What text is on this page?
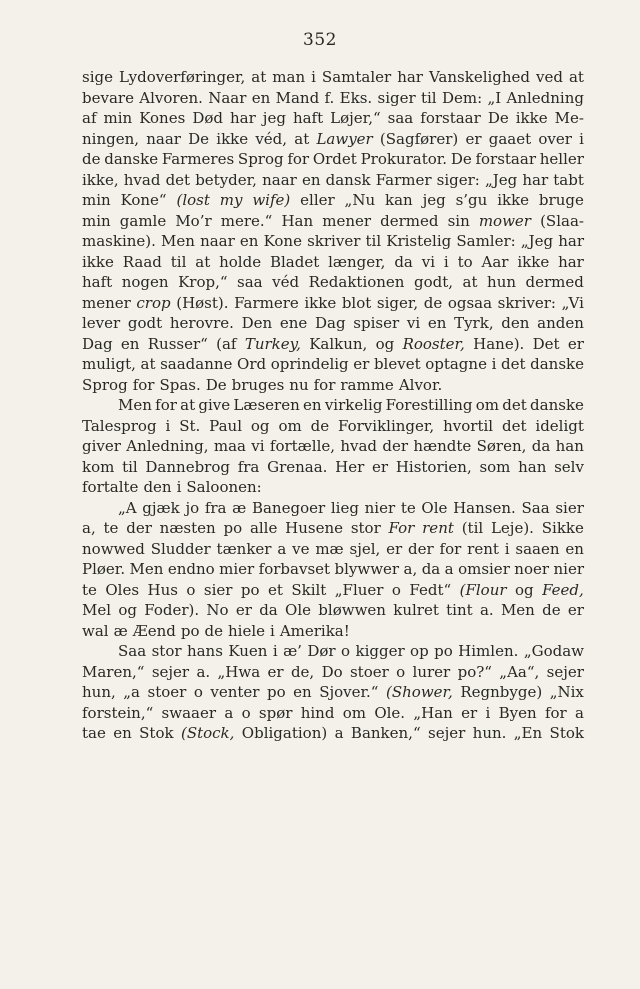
352
sige Lydoverføringer, at man i Samtaler har Vanskelighed ved at
bevare Alvoren. Naar en Mand f. Eks. siger til Dem: „I Anledning
af min Kones Død har jeg haft Løjer,“ saa forstaar De ikke Me-
ningen, naar De ikke véd, at Lawyer (Sagfører) er gaaet over i
de danske Farmeres Sprog for Ordet Prokurator. De forstaar heller
ikke, hvad det betyder, naar en dansk Farmer siger: „Jeg har tabt
min Kone“ (lost my wife) eller „Nu kan jeg s’gu ikke bruge
min gamle Mo’r mere.“ Han mener dermed sin mower (Slaa-
maskine). Men naar en Kone skriver til Kristelig Samler: „Jeg har
ikke Raad til at holde Bladet længer, da vi i to Aar ikke har
haft nogen Krop,“ saa véd Redaktionen godt, at hun dermed
mener crop (Høst). Farmere ikke blot siger, de ogsaa skriver: „Vi
lever godt herovre. Den ene Dag spiser vi en Tyrk, den anden
Dag en Russer“ (af Turkey, Kalkun, og Rooster, Hane). Det er
muligt, at saadanne Ord oprindelig er blevet optagne i det danske
Sprog for Spas. De bruges nu for ramme Alvor.
Men for at give Læseren en virkelig Forestilling om det danske
Talesprog i St. Paul og om de Forviklinger, hvortil det ideligt
giver Anledning, maa vi fortælle, hvad der hændte Søren, da han
kom til Dannebrog fra Grenaa. Her er Historien, som han selv
fortalte den i Saloonen:
„A gjæk jo fra æ Banegoer lieg nier te Ole Hansen. Saa sier
a, te der næsten po alle Husene stor For rent (til Leje). Sikke
nowwed Sludder tænker a ve mæ sjel, er der for rent i saaen en
Pløer. Men endno mier forbavset blywwer a, da a omsier noer nier
te Oles Hus o sier po et Skilt „Fluer o Fedt“ (Flour og Feed,
Mel og Foder). No er da Ole bløwwen kulret tint a. Men de er
wal æ Æend po de hiele i Amerika!
Saa stor hans Kuen i æ’ Dør o kigger op po Himlen. „Godaw
Maren,“ sejer a. „Hwa er de, Do stoer o lurer po?“ „Aa“, sejer
hun, „a stoer o venter po en Sjover.“ (Shower, Regnbyge) „Nix
forstein,“ swaaer a o spør hind om Ole. „Han er i Byen for a
tae en Stok (Stock, Obligation) a Banken,“ sejer hun. „En Stok
